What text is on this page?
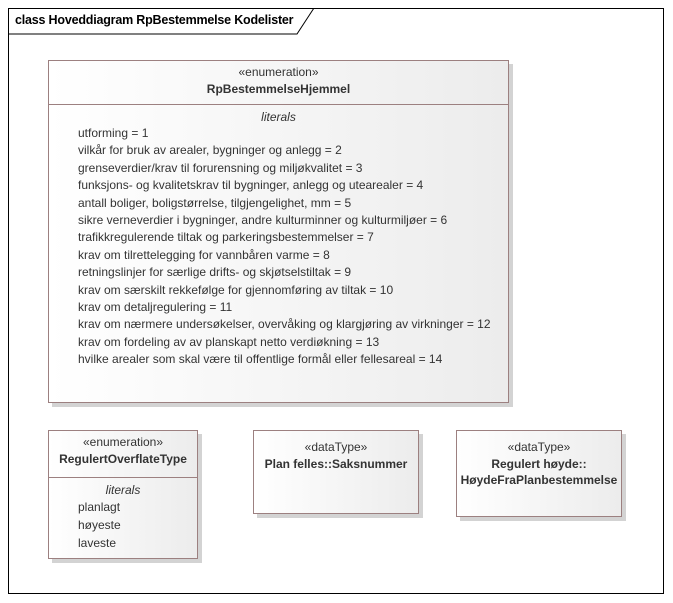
class Hoveddiagram RpBestemmelse Kodelister
«enumeration»
RpBestemmelseHjemmel
literals
utforming = 1
vilkår for bruk av arealer, bygninger og anlegg = 2
grenseverdier/krav til forurensning og miljøkvalitet = 3
funksjons- og kvalitetskrav til bygninger, anlegg og utearealer = 4
antall boliger, boligstørrelse, tilgjengelighet, mm = 5
sikre verneverdier i bygninger, andre kulturminner og kulturmiljøer = 6
trafikkregulerende tiltak og parkeringsbestemmelser = 7
krav om tilrettelegging for vannbåren varme = 8
retningslinjer for særlige drifts- og skjøtselstiltak = 9
krav om særskilt rekkefølge for gjennomføring av tiltak = 10
krav om detaljregulering = 11
krav om nærmere undersøkelser, overvåking og klargjøring av virkninger = 12
krav om fordeling av av planskapt netto verdiøkning = 13
hvilke arealer som skal være til offentlige formål eller fellesareal = 14
«enumeration»
RegulertOverflateType
literals
planlagt
høyeste
laveste
«dataType»
Plan felles::Saksnummer
«dataType»
Regulert høyde::
HøydeFraPlanbestemmelse
